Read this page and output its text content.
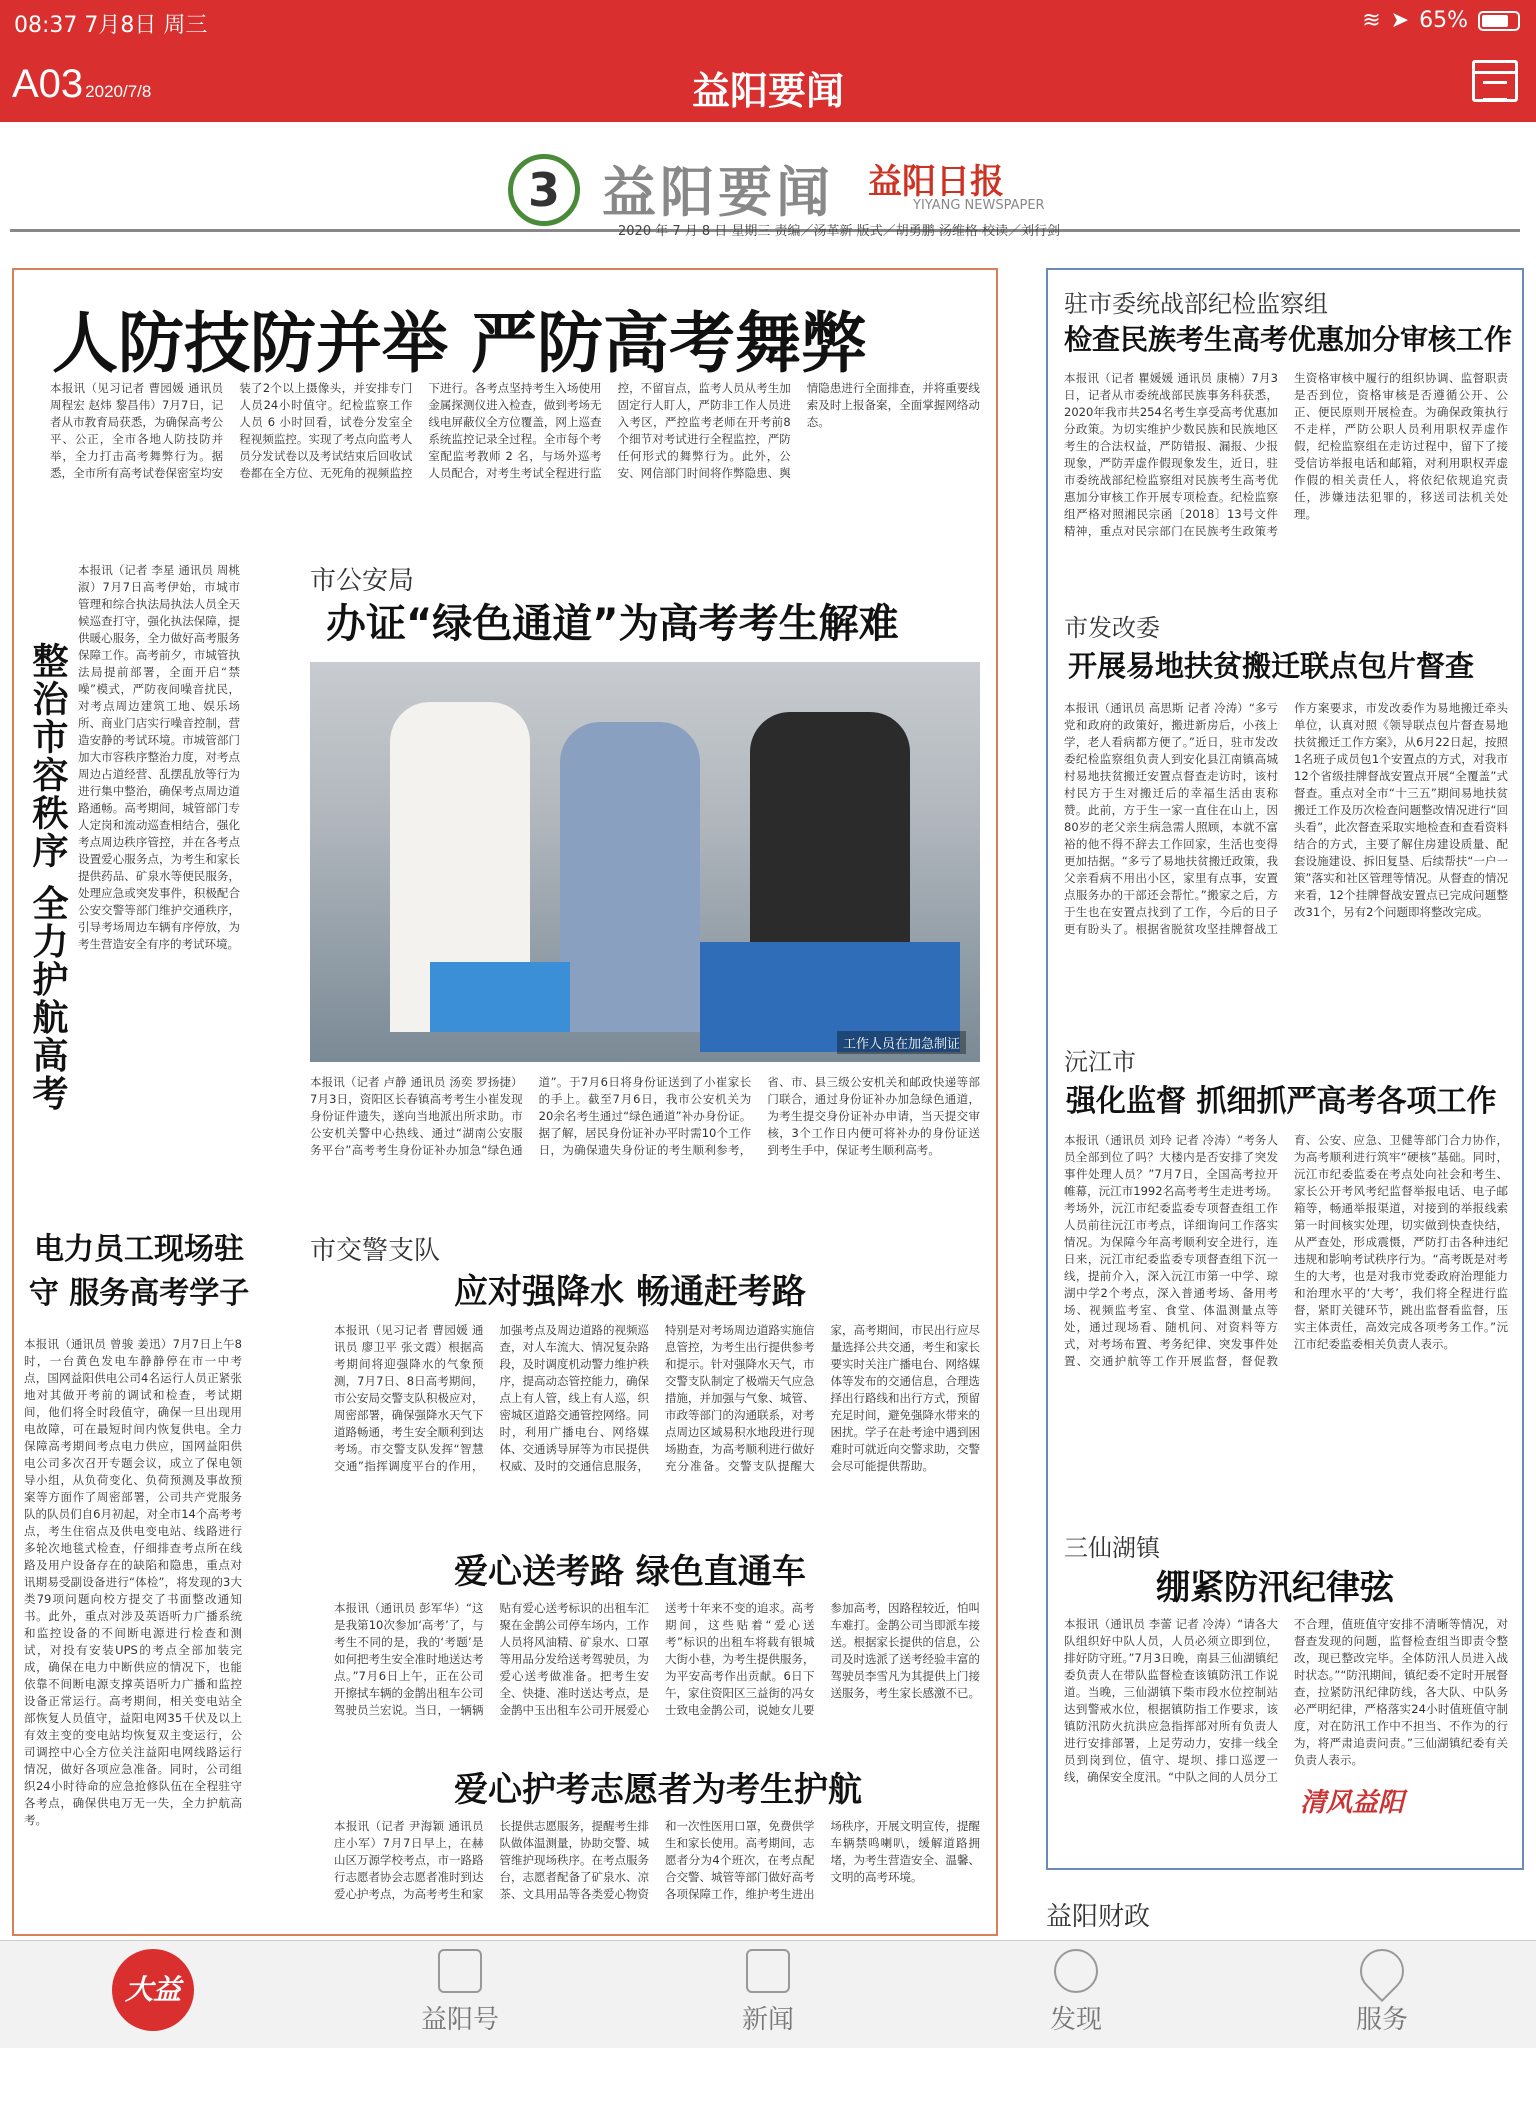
08:37 7月8日 周三	≋ ➤ 65%
A03 2020/7/8	益阳要闻
3 益阳要闻 益阳日报
YIYANG NEWSPAPER
2020 年 7 月 8 日 星期三 责编／汤革新 版式／胡勇鹏 汤维格 校读／刘行剑
人防技防并举 严防高考舞弊
本报讯（见习记者 曹园媛 通讯员 周程宏 赵炜 黎昌伟）7月7日，记者从市教育局获悉，为确保高考公平、公正，全市各地人防技防并举，全力打击高考舞弊行为。据悉，全市所有高考试卷保密室均安装了2个以上摄像头，并安排专门人员24小时值守。纪检监察工作人员 6 小时回看，试卷分发室全程视频监控。实现了考点向监考人员分发试卷以及考试结束后回收试卷都在全方位、无死角的视频监控下进行。各考点坚持考生入场使用金属探测仪进入检查，做到考场无线电屏蔽仪全方位覆盖，网上巡查系统监控记录全过程。全市每个考室配监考教师 2 名，与场外巡考人员配合，对考生考试全程进行监控，不留盲点，监考人员从考生加固定行人盯人，严防非工作人员进入考区，严控监考老师在开考前8个细节对考试进行全程监控，严防任何形式的舞弊行为。此外，公安、网信部门时间将作弊隐患、舆情隐患进行全面排查，并将重要线索及时上报备案，全面掌握网络动态。
整治市容秩序 全力护航高考
本报讯（记者 李星 通讯员 周桃淑）7月7日高考伊始，市城市管理和综合执法局执法人员全天候巡查打守，强化执法保障，提供暖心服务，全力做好高考服务保障工作。高考前夕，市城管执法局提前部署，全面开启“禁噪”模式，严防夜间噪音扰民，对考点周边建筑工地、娱乐场所、商业门店实行噪音控制，营造安静的考试环境。市城管部门加大市容秩序整治力度，对考点周边占道经营、乱摆乱放等行为进行集中整治，确保考点周边道路通畅。高考期间，城管部门专人定岗和流动巡查相结合，强化考点周边秩序管控，并在各考点设置爱心服务点，为考生和家长提供药品、矿泉水等便民服务，处理应急或突发事件，积极配合公安交警等部门维护交通秩序，引导考场周边车辆有序停放，为考生营造安全有序的考试环境。
市公安局
办证“绿色通道”为高考考生解难
工作人员在加急制证
本报讯（记者 卢静 通讯员 汤奕 罗扬捷）7月3日，资阳区长春镇高考考生小崔发现身份证件遗失，遂向当地派出所求助。市公安机关警中心热线、通过“湖南公安服务平台”高考考生身份证补办加急“绿色通道”。于7月6日将身份证送到了小崔家长的手上。截至7月6日，我市公安机关为20余名考生通过“绿色通道”补办身份证。据了解，居民身份证补办平时需10个工作日，为确保遗失身份证的考生顺利参考，省、市、县三级公安机关和邮政快递等部门联合，通过身份证补办加急绿色通道，为考生提交身份证补办申请，当天提交审核，3个工作日内便可将补办的身份证送到考生手中，保证考生顺利高考。
电力员工现场驻守 服务高考学子
本报讯（通讯员 曾骏 姜迅）7月7日上午8时，一台黄色发电车静静停在市一中考点，国网益阳供电公司4名运行人员正紧张地对其做开考前的调试和检查，考试期间，他们将全时段值守，确保一旦出现用电故障，可在最短时间内恢复供电。全力保障高考期间考点电力供应，国网益阳供电公司多次召开专题会议，成立了保电领导小组，从负荷变化、负荷预测及事故预案等方面作了周密部署，公司共产党服务队的队员们自6月初起，对全市14个高考考点，考生住宿点及供电变电站、线路进行多轮次地毯式检查，仔细排查考点所在线路及用户设备存在的缺陷和隐患，重点对讯期易受副设备进行“体检”，将发现的3大类79项问题向校方提交了书面整改通知书。此外，重点对涉及英语听力广播系统和监控设备的不间断电源进行检查和测试，对投有安装UPS的考点全部加装完成，确保在电力中断供应的情况下，也能依靠不间断电源支撑英语听力广播和监控设备正常运行。高考期间，相关变电站全部恢复人员值守，益阳电网35千伏及以上有效主变的变电站均恢复双主变运行，公司调控中心全方位关注益阳电网线路运行情况，做好各项应急准备。同时，公司组织24小时待命的应急抢修队伍在全程驻守各考点，确保供电万无一失，全力护航高考。
市交警支队
应对强降水 畅通赶考路
本报讯（见习记者 曹园媛 通讯员 廖卫平 张文霞）根据高考期间将迎强降水的气象预测，7月7日、8日高考期间，市公安局交警支队积极应对，周密部署，确保强降水天气下道路畅通，考生安全顺利到达考场。市交警支队发挥“智慧交通”指挥调度平台的作用，加强考点及周边道路的视频巡查，对人车流大、情况复杂路段，及时调度机动警力维护秩序，提高动态管控能力，确保点上有人管，线上有人巡，织密城区道路交通管控网络。同时，利用广播电台、网络媒体、交通诱导屏等为市民提供权威、及时的交通信息服务，特别是对考场周边道路实施信息管控，为考生出行提供参考和提示。针对强降水天气，市交警支队制定了极端天气应急措施，并加强与气象、城管、市政等部门的沟通联系，对考点周边区域易积水地段进行现场勘查，为高考顺利进行做好充分准备。交警支队提醒大家，高考期间，市民出行应尽量选择公共交通，考生和家长要实时关注广播电台、网络媒体等发布的交通信息，合理选择出行路线和出行方式，预留充足时间，避免强降水带来的困扰。学子在赴考途中遇到困难时可就近向交警求助，交警会尽可能提供帮助。
爱心送考路 绿色直通车
本报讯（通讯员 彭军华）“这是我第10次参加‘高考’了，与考生不同的是，我的‘考题’是如何把考生安全准时地送达考点。”7月6日上午，正在公司开擦拭车辆的金鹊出租车公司驾驶员兰宏说。当日，一辆辆贴有爱心送考标识的出租车汇聚在金鹊公司停车场内，工作人员将风油精、矿泉水、口罩等用品分发给送考驾驶员，为爱心送考做准备。把考生安全、快捷、准时送达考点，是金鹊中玉出租车公司开展爱心送考十年来不变的追求。高考期间，这些贴着“爱心送考”标识的出租车将载有银城大街小巷，为考生提供服务，为平安高考作出贡献。6日下午，家住资阳区三益街的冯女士致电金鹊公司，说她女儿要参加高考，因路程较近，怕叫车难打。金鹊公司当即派车接送。根据家长提供的信息，公司及时选派了送考经验丰富的驾驶员李雪凡为其提供上门接送服务，考生家长感激不已。
爱心护考志愿者为考生护航
本报讯（记者 尹海颖 通讯员 庄小军）7月7日早上，在赫山区万源学校考点，市一路路行志愿者协会志愿者准时到达爱心护考点，为高考考生和家长提供志愿服务，提醒考生排队做体温测量，协助交警、城管维护现场秩序。在考点服务台，志愿者配备了矿泉水、凉茶、文具用品等各类爱心物资和一次性医用口罩，免费供学生和家长使用。高考期间，志愿者分为4个班次，在考点配合交警、城管等部门做好高考各项保障工作，维护考生进出场秩序，开展文明宣传，提醒车辆禁鸣喇叭，缓解道路拥堵，为考生营造安全、温馨、文明的高考环境。
驻市委统战部纪检监察组
检查民族考生高考优惠加分审核工作
本报讯（记者 瞿媛媛 通讯员 康楠）7月3日，记者从市委统战部民族事务科获悉，2020年我市共254名考生享受高考优惠加分政策。为切实维护少数民族和民族地区考生的合法权益，严防错报、漏报、少报现象，严防弄虚作假现象发生，近日，驻市委统战部纪检监察组对民族考生高考优惠加分审核工作开展专项检查。纪检监察组严格对照湘民宗函〔2018〕13号文件精神，重点对民宗部门在民族考生政策考生资格审核中履行的组织协调、监督职责是否到位，资格审核是否遵循公开、公正、便民原则开展检查。为确保政策执行不走样，严防公职人员利用职权弄虚作假，纪检监察组在走访过程中，留下了接受信访举报电话和邮箱，对利用职权弄虚作假的相关责任人，将依纪依规追究责任，涉嫌违法犯罪的，移送司法机关处理。
市发改委
开展易地扶贫搬迁联点包片督查
本报讯（通讯员 高思斯 记者 冷涛）“多亏党和政府的政策好，搬进新房后，小孩上学，老人看病都方便了。”近日，驻市发改委纪检监察组负责人到安化县江南镇高城村易地扶贫搬迁安置点督查走访时，该村村民方于生对搬迁后的幸福生活由衷称赞。此前，方于生一家一直住在山上，因80岁的老父亲生病急需人照顾，本就不富裕的他不得不辞去工作回家，生活也变得更加拮据。“多亏了易地扶贫搬迁政策，我父亲看病不用出小区，家里有点事，安置点服务办的干部还会帮忙。”搬家之后，方于生也在安置点找到了工作，今后的日子更有盼头了。根据省脱贫攻坚挂牌督战工作方案要求，市发改委作为易地搬迁牵头单位，认真对照《领导联点包片督查易地扶贫搬迁工作方案》，从6月22日起，按照1名班子成员包1个安置点的方式，对我市12个省级挂牌督战安置点开展“全覆盖”式督查。重点对全市“十三五”期间易地扶贫搬迁工作及历次检查问题整改情况进行“回头看”，此次督查采取实地检查和查看资料结合的方式，主要了解住房建设质量、配套设施建设、拆旧复垦、后续帮扶“一户一策”落实和社区管理等情况。从督查的情况来看，12个挂牌督战安置点已完成问题整改31个，另有2个问题即将整改完成。
沅江市
强化监督 抓细抓严高考各项工作
本报讯（通讯员 刘玲 记者 冷涛）“考务人员全部到位了吗？大楼内是否安排了突发事件处理人员？”7月7日，全国高考拉开帷幕，沅江市1992名高考考生走进考场。考场外，沅江市纪委监委专项督查组工作人员前往沅江市考点，详细询问工作落实情况。为保障今年高考顺利安全进行，连日来，沅江市纪委监委专项督查组下沉一线，提前介入，深入沅江市第一中学、琼湖中学2个考点，深入普通考场、备用考场、视频监考室、食堂、体温测量点等处，通过现场看、随机问、对资料等方式，对考场布置、考务纪律、突发事件处置、交通护航等工作开展监督，督促教育、公安、应急、卫健等部门合力协作，为高考顺利进行筑牢“硬核”基础。同时，沅江市纪委监委在考点处向社会和考生、家长公开考风考纪监督举报电话、电子邮箱等，畅通举报渠道，对接到的举报线索第一时间核实处理，切实做到快查快结，从严查处，形成震慑，严防打击各种违纪违规和影响考试秩序行为。“高考既是对考生的大考，也是对我市党委政府治理能力和治理水平的‘大考’，我们将全程进行监督，紧盯关键环节，跳出监督看监督，压实主体责任，高效完成各项考务工作。”沅江市纪委监委相关负责人表示。
三仙湖镇
绷紧防汛纪律弦
本报讯（通讯员 李蕾 记者 冷涛）“请各大队组织好中队人员，人员必须立即到位，排好防守班。”7月3日晚，南县三仙湖镇纪委负责人在带队监督检查该镇防汛工作说道。当晚，三仙湖镇下柴市段水位控制站达到警戒水位，根据镇防指工作要求，该镇防汛防火抗洪应急指挥部对所有负责人进行安排部署，上足劳动力，安排一线全员到岗到位，值守、堤坝、排口巡逻一线，确保安全度汛。“中队之间的人员分工不合理，值班值守安排不清晰等情况，对督查发现的问题，监督检查组当即责令整改，现已整改完毕。全体防汛人员进入战时状态。”“防汛期间，镇纪委不定时开展督查，拉紧防汛纪律防线，各大队、中队务必严明纪律，严格落实24小时值班值守制度，对在防汛工作中不担当、不作为的行为，将严肃追责问责。”三仙湖镇纪委有关负责人表示。
清风益阳
益阳财政
大益阳
益阳号	新闻	发现	服务
